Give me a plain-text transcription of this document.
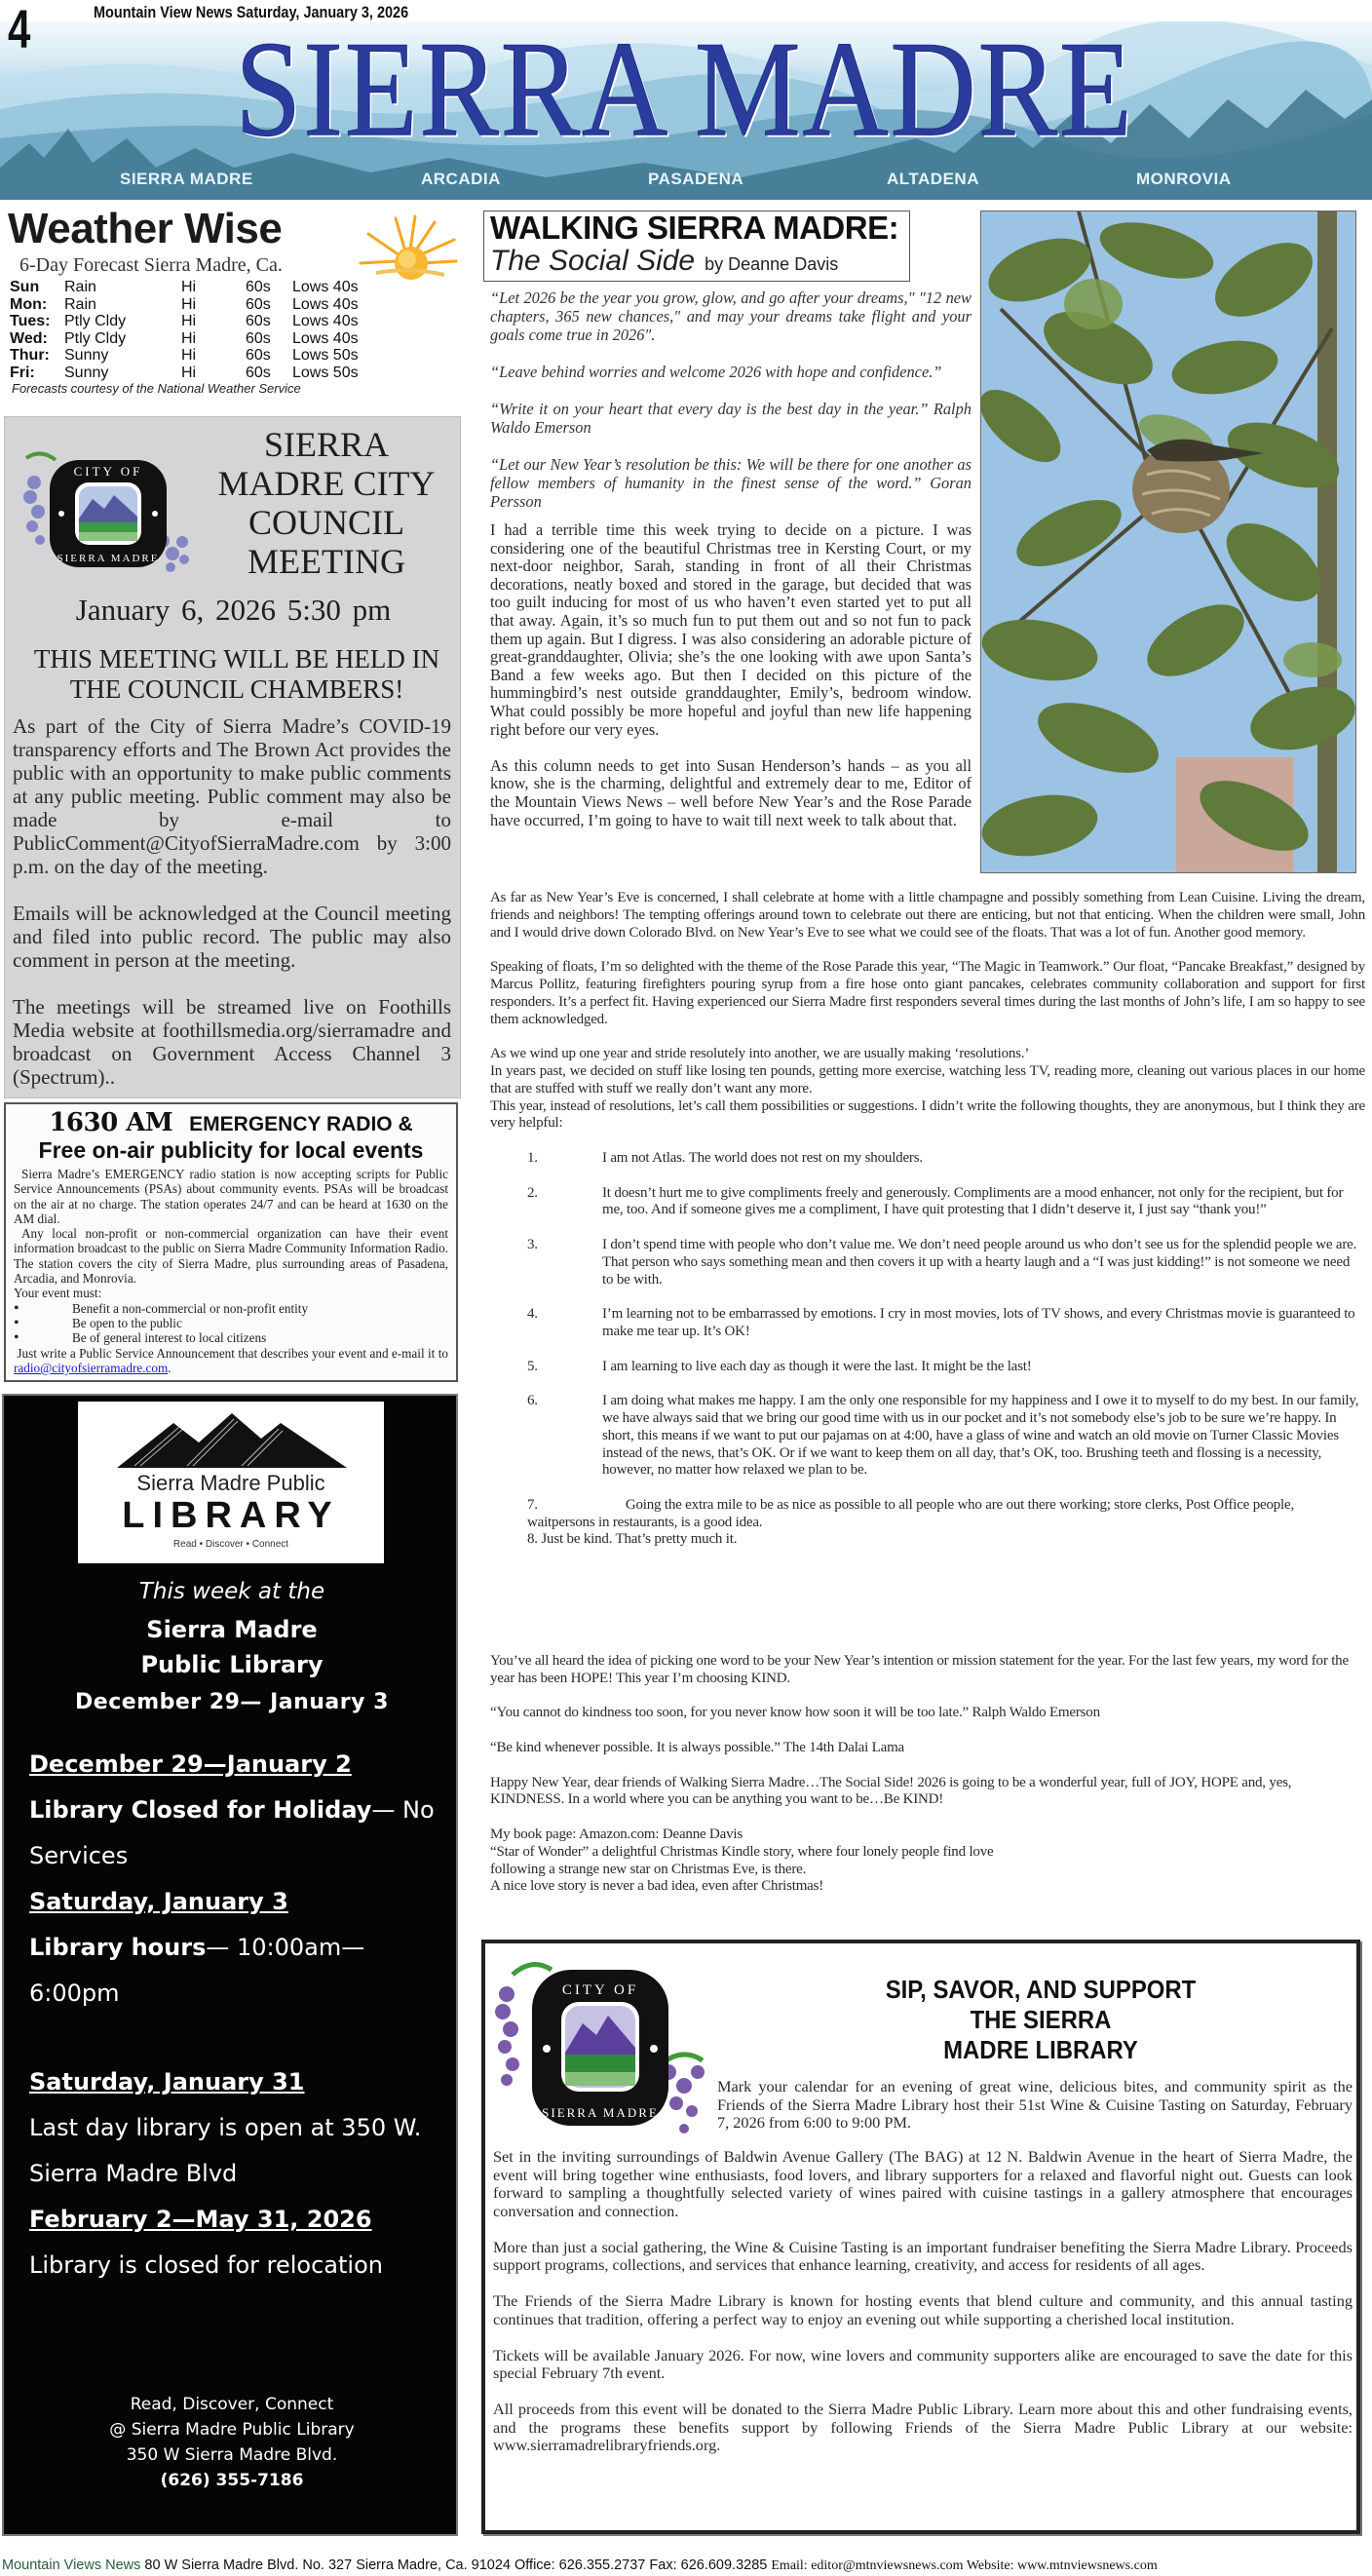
SIERRA MADRE
SIERRA MADRE	ARCADIA	PASADENA	ALTADENA	MONROVIA
4	Mountain View News Saturday, January 3, 2026
Weather Wise
6-Day Forecast Sierra Madre, Ca.
Sun	Rain	Hi	60s	Lows 40s
Mon:	Rain	Hi	60s	Lows 40s
Tues:	Ptly Cldy	Hi	60s	Lows 40s
Wed:	Ptly Cldy	Hi	60s	Lows 40s
Thur:	Sunny	Hi	60s	Lows 50s
Fri:	Sunny	Hi	60s	Lows 50s
Forecasts courtesy of the National Weather Service
CITY OF
SIERRA MADRE
SIERRA MADRE CITY COUNCIL MEETING
January 6, 2026 5:30 pm
THIS MEETING WILL BE HELD IN THE COUNCIL CHAMBERS!

As part of the City of Sierra Madre’s COVID-19 transparency efforts and The Brown Act provides the public with an opportunity to make public comments at any public meeting. Public comment may also be made by e-mail to PublicComment@CityofSierraMadre.com by 3:00 p.m. on the day of the meeting.

Emails will be acknowledged at the Council meeting and filed into public record. The public may also comment in person at the meeting.

The meetings will be streamed live on Foothills Media website at foothillsmedia.org/sierramadre and broadcast on Government Access Channel 3 (Spectrum)..

1630 AM EMERGENCY RADIO &
Free on-air publicity for local events

Sierra Madre’s EMERGENCY radio station is now accepting scripts for Public Service Announcements (PSAs) about community events. PSAs will be broadcast on the air at no charge. The station operates 24/7 and can be heard at 1630 on the AM dial.

Any local non-profit or non-commercial organization can have their event information broadcast to the public on Sierra Madre Community Information Radio. The station covers the city of Sierra Madre, plus surrounding areas of Pasadena, Arcadia, and Monrovia.

Your event must:
• Benefit a non-commercial or non-profit entity
• Be open to the public
• Be of general interest to local citizens
Just write a Public Service Announcement that describes your event and e-mail it to radio@cityofsierramadre.com.
Sierra Madre Public
LIBRARY
Read • Discover • Connect
This week at the
Sierra Madre
Public Library
December 29— January 3
December 29—January 2
Library Closed for Holiday— No Services
Saturday, January 3
Library hours— 10:00am—6:00pm
Saturday, January 31
Last day library is open at 350 W. Sierra Madre Blvd
February 2—May 31, 2026
Library is closed for relocation
Read, Discover, Connect
@ Sierra Madre Public Library
350 W Sierra Madre Blvd.
(626) 355-7186
WALKING SIERRA MADRE:
The Social Side by Deanne Davis

“Let 2026 be the year you grow, glow, and go after your dreams," "12 new chapters, 365 new chances," and may your dreams take flight and your goals come true in 2026".

“Leave behind worries and welcome 2026 with hope and confidence.”

“Write it on your heart that every day is the best day in the year.” Ralph Waldo Emerson

“Let our New Year’s resolution be this: We will be there for one another as fellow members of humanity in the finest sense of the word.” Goran Persson

I had a terrible time this week trying to decide on a picture. I was considering one of the beautiful Christmas tree in Kersting Court, or my next-door neighbor, Sarah, standing in front of all their Christmas decorations, neatly boxed and stored in the garage, but decided that was too guilt inducing for most of us who haven’t even started yet to put all that away. Again, it’s so much fun to put them out and so not fun to pack them up again. But I digress. I was also considering an adorable picture of great-granddaughter, Olivia; she’s the one looking with awe upon Santa’s Band a few weeks ago. But then I decided on this picture of the hummingbird’s nest outside granddaughter, Emily’s, bedroom window. What could possibly be more hopeful and joyful than new life happening right before our very eyes.

As this column needs to get into Susan Henderson’s hands – as you all know, she is the charming, delightful and extremely dear to me, Editor of the Mountain Views News – well before New Year’s and the Rose Parade have occurred, I’m going to have to wait till next week to talk about that.

As far as New Year’s Eve is concerned, I shall celebrate at home with a little champagne and possibly something from Lean Cuisine. Living the dream, friends and neighbors! The tempting offerings around town to celebrate out there are enticing, but not that enticing. When the children were small, John and I would drive down Colorado Blvd. on New Year’s Eve to see what we could see of the floats. That was a lot of fun. Another good memory.

Speaking of floats, I’m so delighted with the theme of the Rose Parade this year, “The Magic in Teamwork.” Our float, “Pancake Breakfast,” designed by Marcus Pollitz, featuring firefighters pouring syrup from a fire hose onto giant pancakes, celebrates community collaboration and support for first responders. It’s a perfect fit. Having experienced our Sierra Madre first responders several times during the last months of John’s life, I am so happy to see them acknowledged.

As we wind up one year and stride resolutely into another, we are usually making ‘resolutions.’
In years past, we decided on stuff like losing ten pounds, getting more exercise, watching less TV, reading more, cleaning out various places in our home that are stuffed with stuff we really don’t want any more.

This year, instead of resolutions, let’s call them possibilities or suggestions. I didn’t write the following thoughts, they are anonymous, but I think they are very helpful:

1.	I am not Atlas. The world does not rest on my shoulders.
2.	It doesn’t hurt me to give compliments freely and generously. Compliments are a mood enhancer, not only for the recipient, but for me, too. And if someone gives me a compliment, I have quit protesting that I didn’t deserve it, I just say “thank you!”
3.	I don’t spend time with people who don’t value me. We don’t need people around us who don’t see us for the splendid people we are. That person who says something mean and then covers it up with a hearty laugh and a “I was just kidding!” is not someone we need to be with.
4.	I’m learning not to be embarrassed by emotions. I cry in most movies, lots of TV shows, and every Christmas movie is guaranteed to make me tear up. It’s OK!
5.	I am learning to live each day as though it were the last. It might be the last!
6.	I am doing what makes me happy. I am the only one responsible for my happiness and I owe it to myself to do my best. In our family, we have always said that we bring our good time with us in our pocket and it’s not somebody else’s job to be sure we’re happy. In short, this means if we want to put our pajamas on at 4:00, have a glass of wine and watch an old movie on Turner Classic Movies instead of the news, that’s OK. Or if we want to keep them on all day, that’s OK, too. Brushing teeth and flossing is a necessity, however, no matter how relaxed we plan to be.
7.	Going the extra mile to be as nice as possible to all people who are out there working; store clerks, Post Office people, waitpersons in restaurants, is a good idea.
8. Just be kind. That’s pretty much it.

You’ve all heard the idea of picking one word to be your New Year’s intention or mission statement for the year. For the last few years, my word for the year has been HOPE! This year I’m choosing KIND.

“You cannot do kindness too soon, for you never know how soon it will be too late.” Ralph Waldo Emerson

“Be kind whenever possible. It is always possible.” The 14th Dalai Lama

Happy New Year, dear friends of Walking Sierra Madre…The Social Side! 2026 is going to be a wonderful year, full of JOY, HOPE and, yes, KINDNESS. In a world where you can be anything you want to be…Be KIND!

My book page: Amazon.com: Deanne Davis
“Star of Wonder” a delightful Christmas Kindle story, where four lonely people find love
following a strange new star on Christmas Eve, is there.
A nice love story is never a bad idea, even after Christmas!
CITY OF
SIERRA MADRE
SIP, SAVOR, AND SUPPORT
THE SIERRA
MADRE LIBRARY
Mark your calendar for an evening of great wine, delicious bites, and community spirit as the Friends of the Sierra Madre Library host their 51st Wine & Cuisine Tasting on Saturday, February 7, 2026 from 6:00 to 9:00 PM.

Set in the inviting surroundings of Baldwin Avenue Gallery (The BAG) at 12 N. Baldwin Avenue in the heart of Sierra Madre, the event will bring together wine enthusiasts, food lovers, and library supporters for a relaxed and flavorful night out. Guests can look forward to sampling a thoughtfully selected variety of wines paired with cuisine tastings in a gallery atmosphere that encourages conversation and connection.

More than just a social gathering, the Wine & Cuisine Tasting is an important fundraiser benefiting the Sierra Madre Library. Proceeds support programs, collections, and services that enhance learning, creativity, and access for residents of all ages.

The Friends of the Sierra Madre Library is known for hosting events that blend culture and community, and this annual tasting continues that tradition, offering a perfect way to enjoy an evening out while supporting a cherished local institution.

Tickets will be available January 2026. For now, wine lovers and community supporters alike are encouraged to save the date for this special February 7th event.

All proceeds from this event will be donated to the Sierra Madre Public Library. Learn more about this and other fundraising events, and the programs these benefits support by following Friends of the Sierra Madre Public Library at our website: www.sierramadrelibraryfriends.org.

Mountain Views News 80 W Sierra Madre Blvd. No. 327 Sierra Madre, Ca. 91024 Office: 626.355.2737 Fax: 626.609.3285 Email: editor@mtnviewsnews.com Website: www.mtnviewsnews.com
